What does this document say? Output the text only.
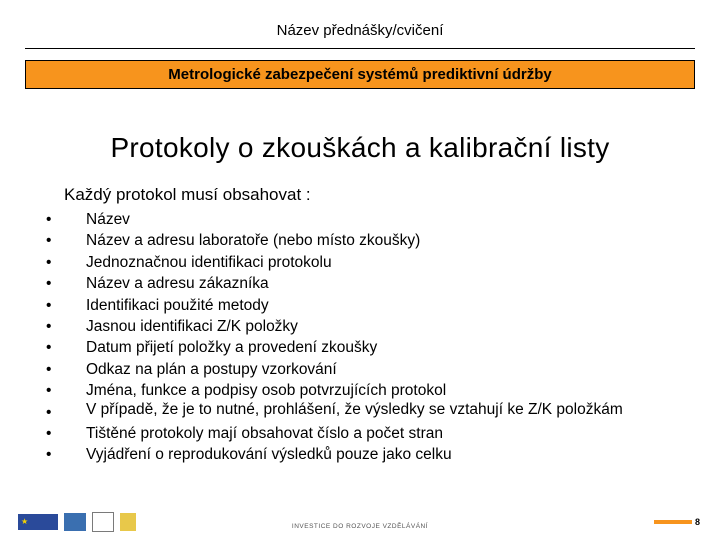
Název přednášky/cvičení
Metrologické zabezpečení systémů prediktivní údržby
Protokoly o zkouškách a kalibrační listy
Každý protokol musí obsahovat :
•	Název
•	Název a adresu laboratoře (nebo místo zkoušky)
•	Jednoznačnou identifikaci protokolu
•	Název a adresu zákazníka
•	Identifikaci použité metody
•	Jasnou identifikaci Z/K položky
•	Datum přijetí položky a provedení zkoušky
•	Odkaz na plán a postupy vzorkování
•	Jména, funkce a podpisy osob potvrzujících protokol
•	V případě, že je to nutné, prohlášení, že výsledky se vztahují ke Z/K položkám
•	Tištěné protokoly mají obsahovat číslo a počet stran
•	Vyjádření o reprodukování výsledků pouze jako celku
★
INVESTICE DO ROZVOJE VZDĚLÁVÁNÍ	8
